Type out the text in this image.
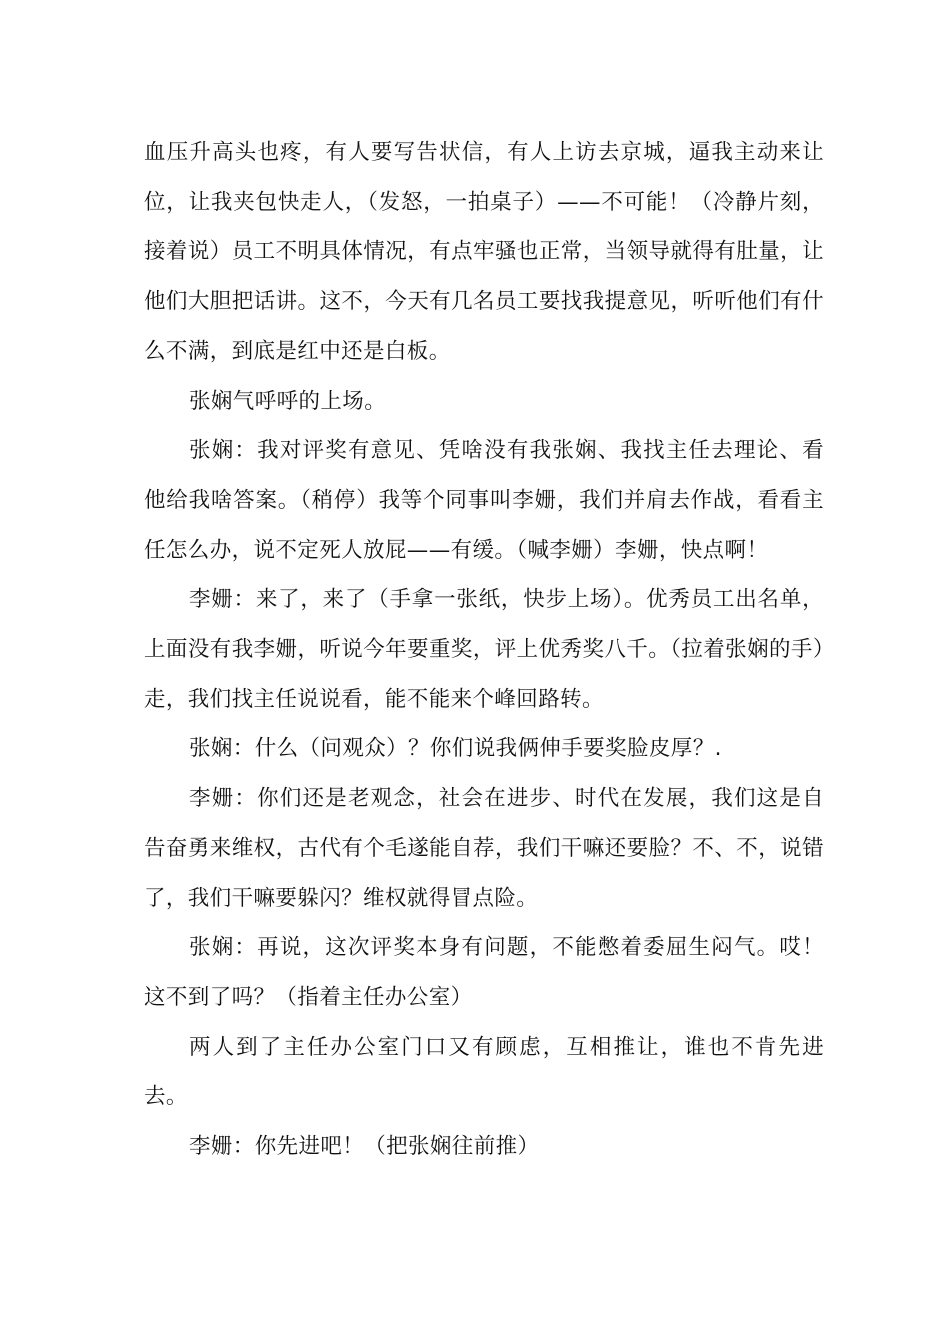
血压升高头也疼，有人要写告状信，有人上访去京城，逼我主动来让位，让我夹包快走人，（发怒，一拍桌子）——不可能！（冷静片刻，接着说）员工不明具体情况，有点牢骚也正常，当领导就得有肚量，让他们大胆把话讲。这不，今天有几名员工要找我提意见，听听他们有什么不满，到底是红中还是白板。

张娴气呼呼的上场。

张娴：我对评奖有意见、凭啥没有我张娴、我找主任去理论、看他给我啥答案。（稍停）我等个同事叫李姗，我们并肩去作战，看看主任怎么办，说不定死人放屁——有缓。（喊李姗）李姗，快点啊！

李姗：来了，来了（手拿一张纸，快步上场）。优秀员工出名单，上面没有我李姗，听说今年要重奖，评上优秀奖八千。（拉着张娴的手）走，我们找主任说说看，能不能来个峰回路转。

张娴：什么（问观众）？你们说我俩伸手要奖脸皮厚？.

李姗：你们还是老观念，社会在进步、时代在发展，我们这是自告奋勇来维权，古代有个毛遂能自荐，我们干嘛还要脸？不、不，说错了，我们干嘛要躲闪？维权就得冒点险。

张娴：再说，这次评奖本身有问题，不能憋着委屈生闷气。哎！这不到了吗？（指着主任办公室）

两人到了主任办公室门口又有顾虑，互相推让，谁也不肯先进去。

李姗：你先进吧！（把张娴往前推）
